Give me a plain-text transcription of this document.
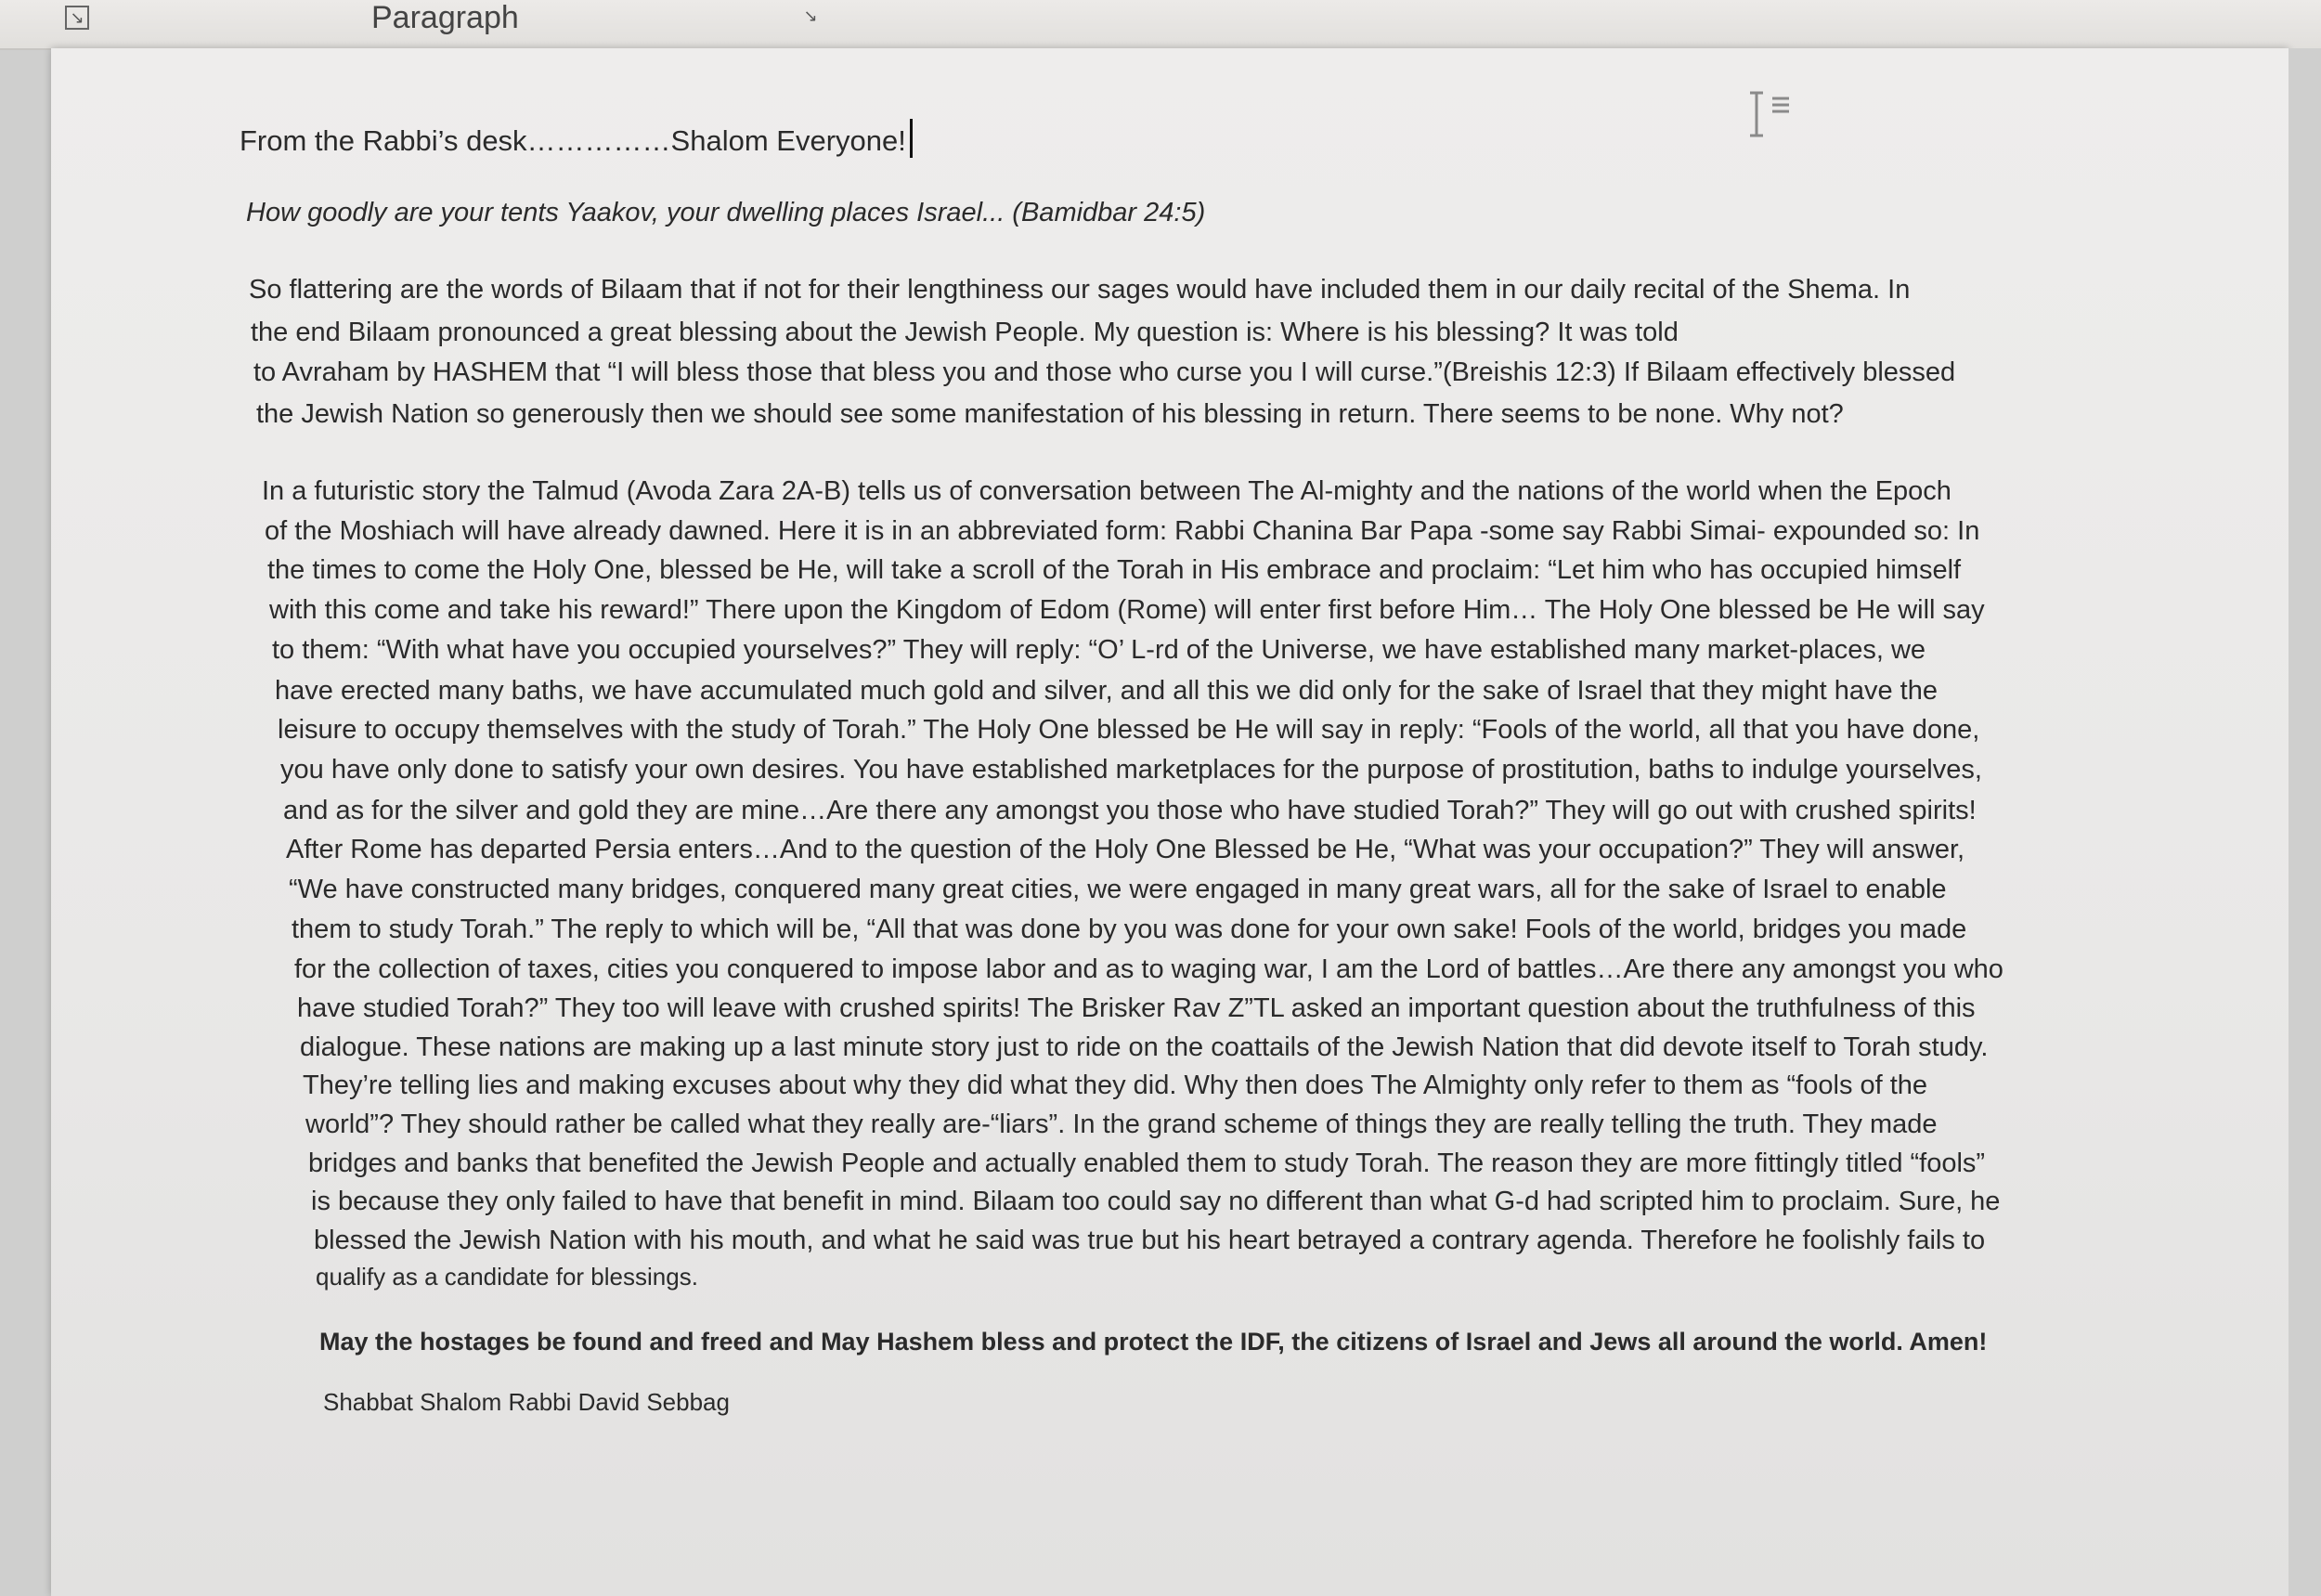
↘	Paragraph	↘
From the Rabbi’s desk……………Shalom Everyone!
How goodly are your tents Yaakov, your dwelling places Israel... (Bamidbar 24:5)
So flattering are the words of Bilaam that if not for their lengthiness our sages would have included them in our daily recital of the Shema. In
the end Bilaam pronounced a great blessing about the Jewish People. My question is: Where is his blessing? It was told
to Avraham by HASHEM that “I will bless those that bless you and those who curse you I will curse.”(Breishis 12:3) If Bilaam effectively blessed
the Jewish Nation so generously then we should see some manifestation of his blessing in return. There seems to be none. Why not?
In a futuristic story the Talmud (Avoda Zara 2A-B) tells us of conversation between The Al-mighty and the nations of the world when the Epoch
of the Moshiach will have already dawned. Here it is in an abbreviated form: Rabbi Chanina Bar Papa -some say Rabbi Simai- expounded so: In
the times to come the Holy One, blessed be He, will take a scroll of the Torah in His embrace and proclaim: “Let him who has occupied himself
with this come and take his reward!” There upon the Kingdom of Edom (Rome) will enter first before Him… The Holy One blessed be He will say
to them: “With what have you occupied yourselves?” They will reply: “O’ L-rd of the Universe, we have established many market-places, we
have erected many baths, we have accumulated much gold and silver, and all this we did only for the sake of Israel that they might have the
leisure to occupy themselves with the study of Torah.” The Holy One blessed be He will say in reply: “Fools of the world, all that you have done,
you have only done to satisfy your own desires. You have established marketplaces for the purpose of prostitution, baths to indulge yourselves,
and as for the silver and gold they are mine…Are there any amongst you those who have studied Torah?” They will go out with crushed spirits!
After Rome has departed Persia enters…And to the question of the Holy One Blessed be He, “What was your occupation?” They will answer,
“We have constructed many bridges, conquered many great cities, we were engaged in many great wars, all for the sake of Israel to enable
them to study Torah.” The reply to which will be, “All that was done by you was done for your own sake! Fools of the world, bridges you made
for the collection of taxes, cities you conquered to impose labor and as to waging war, I am the Lord of battles…Are there any amongst you who
have studied Torah?” They too will leave with crushed spirits! The Brisker Rav Z”TL asked an important question about the truthfulness of this
dialogue. These nations are making up a last minute story just to ride on the coattails of the Jewish Nation that did devote itself to Torah study.
They’re telling lies and making excuses about why they did what they did. Why then does The Almighty only refer to them as “fools of the
world”? They should rather be called what they really are-“liars”. In the grand scheme of things they are really telling the truth. They made
bridges and banks that benefited the Jewish People and actually enabled them to study Torah. The reason they are more fittingly titled “fools”
is because they only failed to have that benefit in mind. Bilaam too could say no different than what G-d had scripted him to proclaim. Sure, he
blessed the Jewish Nation with his mouth, and what he said was true but his heart betrayed a contrary agenda. Therefore he foolishly fails to
qualify as a candidate for blessings.
May the hostages be found and freed and May Hashem bless and protect the IDF, the citizens of Israel and Jews all around the world. Amen!
Shabbat Shalom Rabbi David Sebbag
